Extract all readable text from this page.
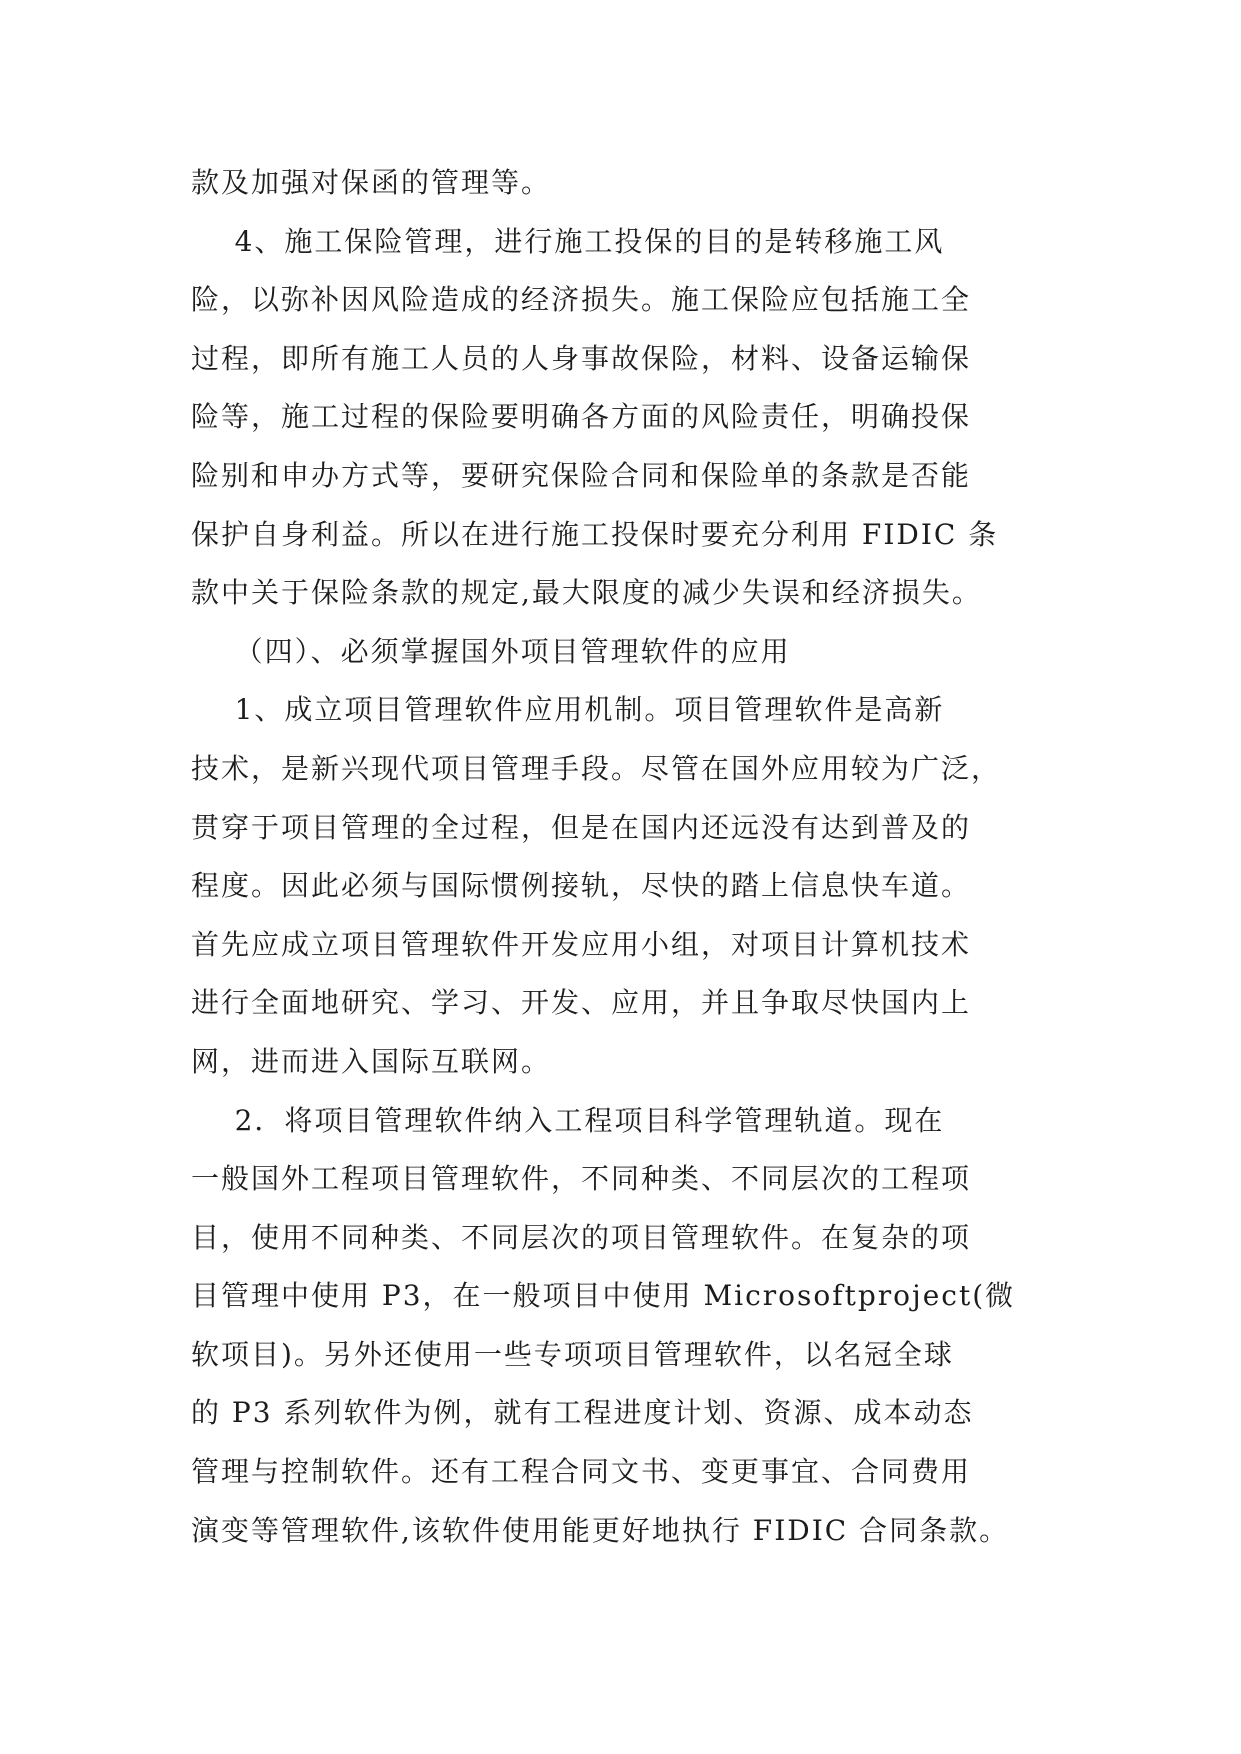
款及加强对保函的管理等。
4、施工保险管理，进行施工投保的目的是转移施工风
险，以弥补因风险造成的经济损失。施工保险应包括施工全
过程，即所有施工人员的人身事故保险，材料、设备运输保
险等，施工过程的保险要明确各方面的风险责任，明确投保
险别和申办方式等，要研究保险合同和保险单的条款是否能
保护自身利益。所以在进行施工投保时要充分利用 FIDIC 条
款中关于保险条款的规定,最大限度的减少失误和经济损失。
（四）、必须掌握国外项目管理软件的应用
1、成立项目管理软件应用机制。项目管理软件是高新
技术，是新兴现代项目管理手段。尽管在国外应用较为广泛，
贯穿于项目管理的全过程，但是在国内还远没有达到普及的
程度。因此必须与国际惯例接轨，尽快的踏上信息快车道。
首先应成立项目管理软件开发应用小组，对项目计算机技术
进行全面地研究、学习、开发、应用，并且争取尽快国内上
网，进而进入国际互联网。
2．将项目管理软件纳入工程项目科学管理轨道。现在
一般国外工程项目管理软件，不同种类、不同层次的工程项
目，使用不同种类、不同层次的项目管理软件。在复杂的项
目管理中使用 P3，在一般项目中使用 Microsoftproject(微
软项目)。另外还使用一些专项项目管理软件，以名冠全球
的 P3 系列软件为例，就有工程进度计划、资源、成本动态
管理与控制软件。还有工程合同文书、变更事宜、合同费用
演变等管理软件,该软件使用能更好地执行 FIDIC 合同条款。
